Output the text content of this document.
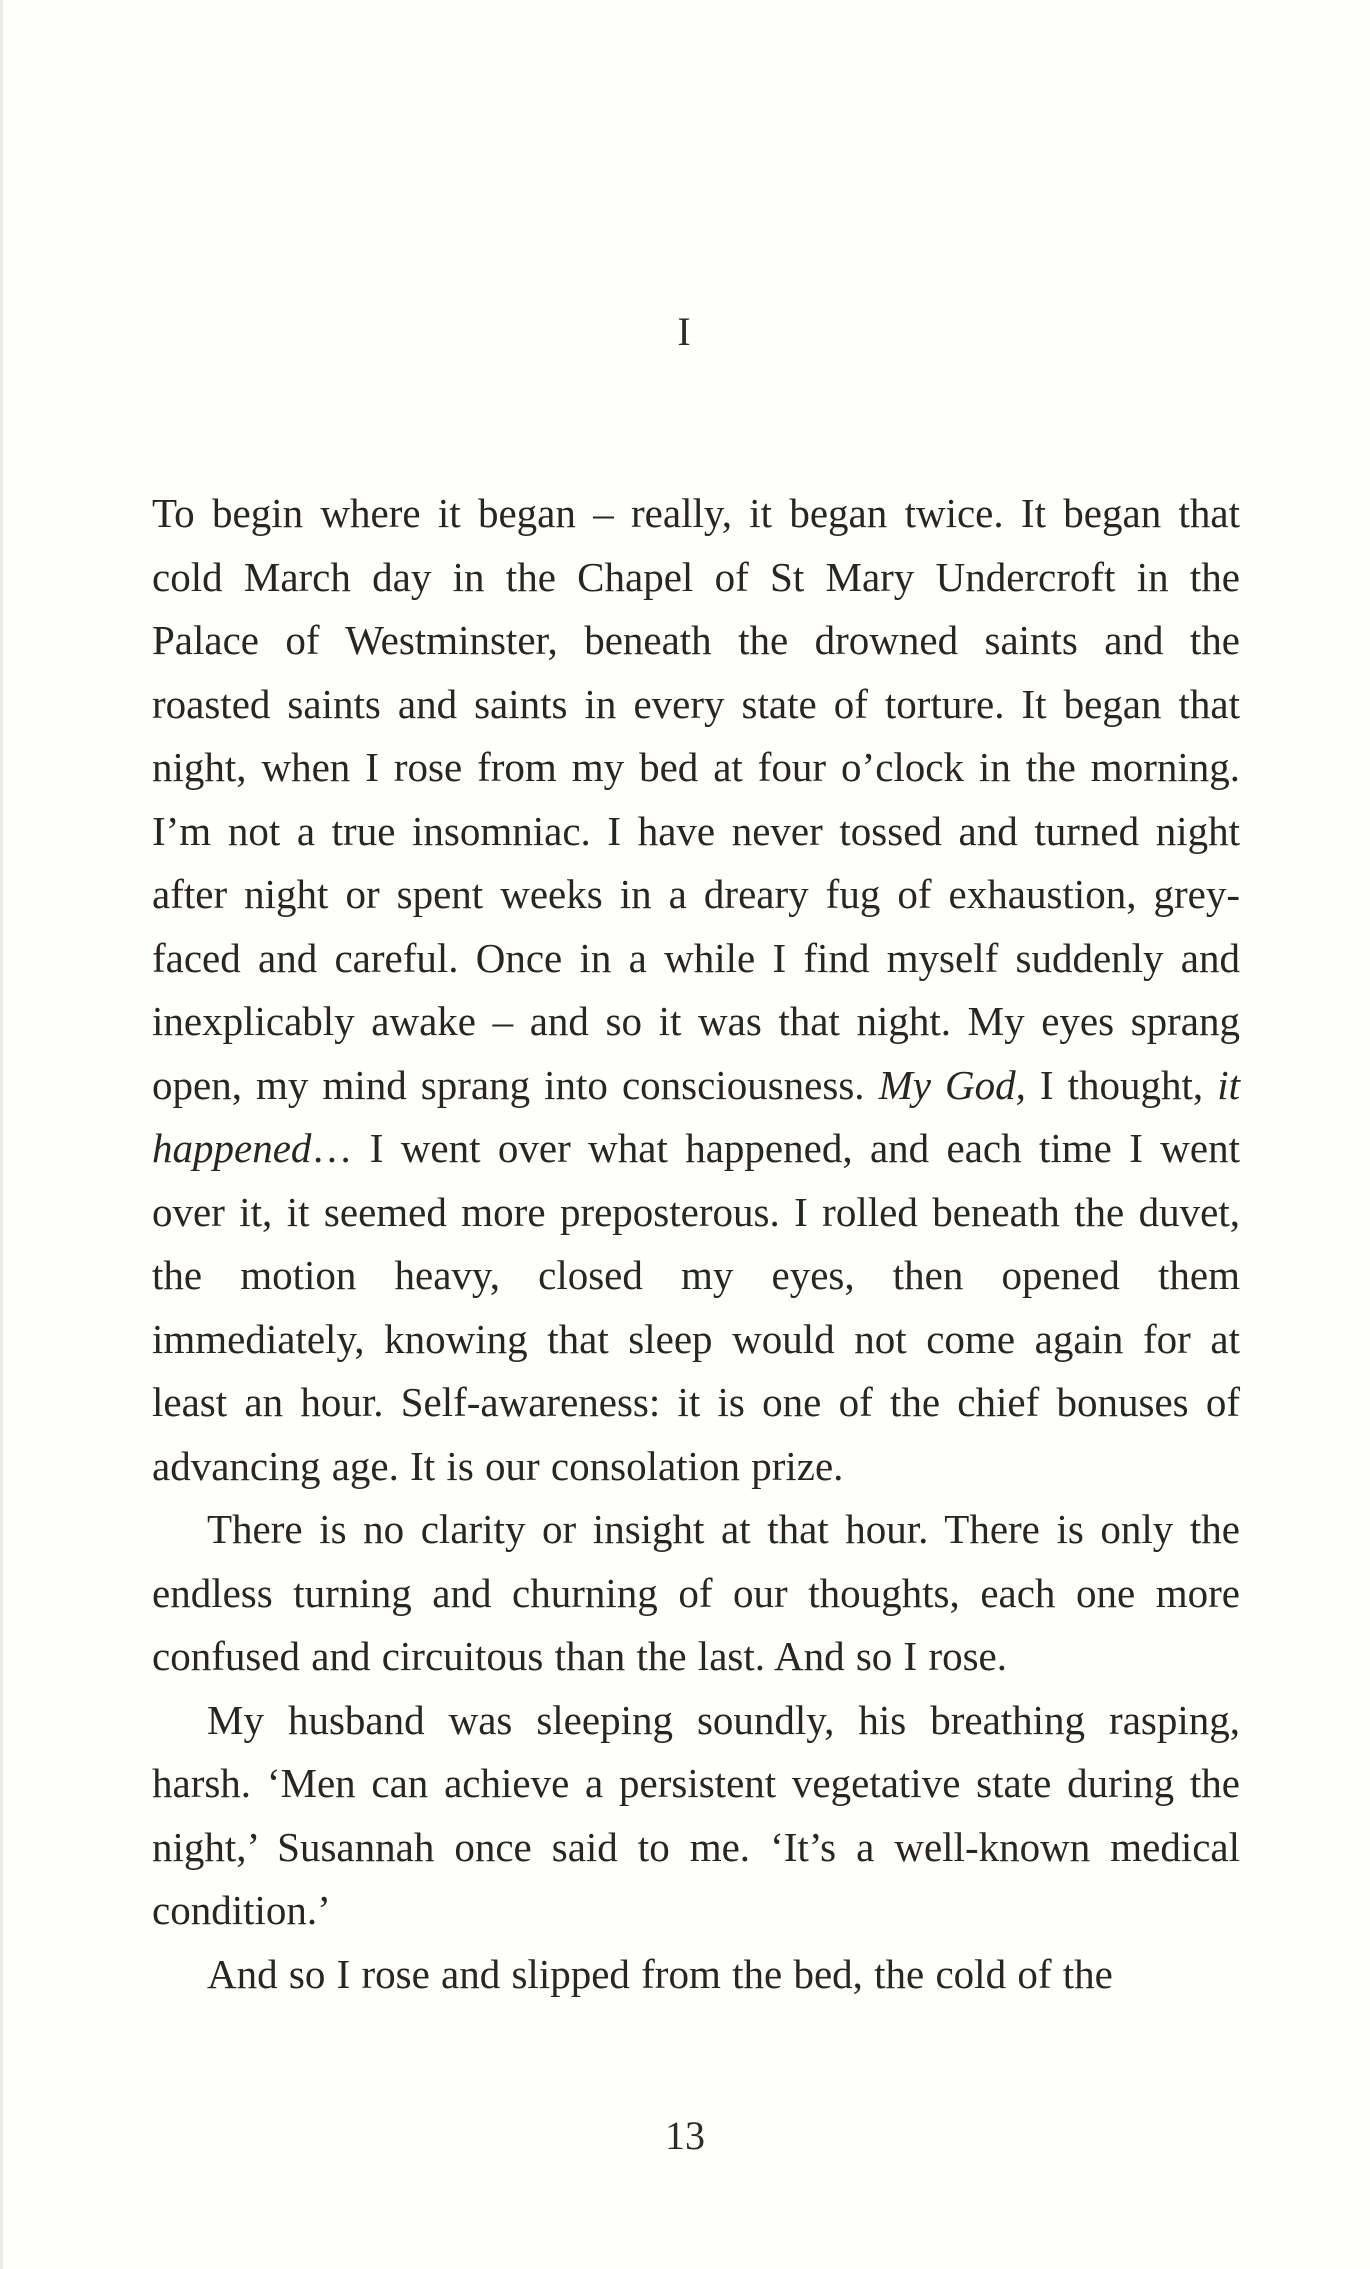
I

To begin where it began – really, it began twice. It began that cold March day in the Chapel of St Mary Undercroft in the Palace of Westminster, beneath the drowned saints and the roasted saints and saints in every state of torture. It began that night, when I rose from my bed at four o’clock in the morning. I’m not a true insomniac. I have never tossed and turned night after night or spent weeks in a dreary fug of exhaustion, grey-faced and careful. Once in a while I find myself suddenly and inexplicably awake – and so it was that night. My eyes sprang open, my mind sprang into consciousness. My God, I thought, it happened… I went over what happened, and each time I went over it, it seemed more preposterous. I rolled beneath the duvet, the motion heavy, closed my eyes, then opened them immediately, knowing that sleep would not come again for at least an hour. Self-awareness: it is one of the chief bonuses of advancing age. It is our consolation prize.

There is no clarity or insight at that hour. There is only the endless turning and churning of our thoughts, each one more confused and circuitous than the last. And so I rose.

My husband was sleeping soundly, his breathing rasping, harsh. ‘Men can achieve a persistent vegetative state during the night,’ Susannah once said to me. ‘It’s a well-known medical condition.’

And so I rose and slipped from the bed, the cold of the

13
